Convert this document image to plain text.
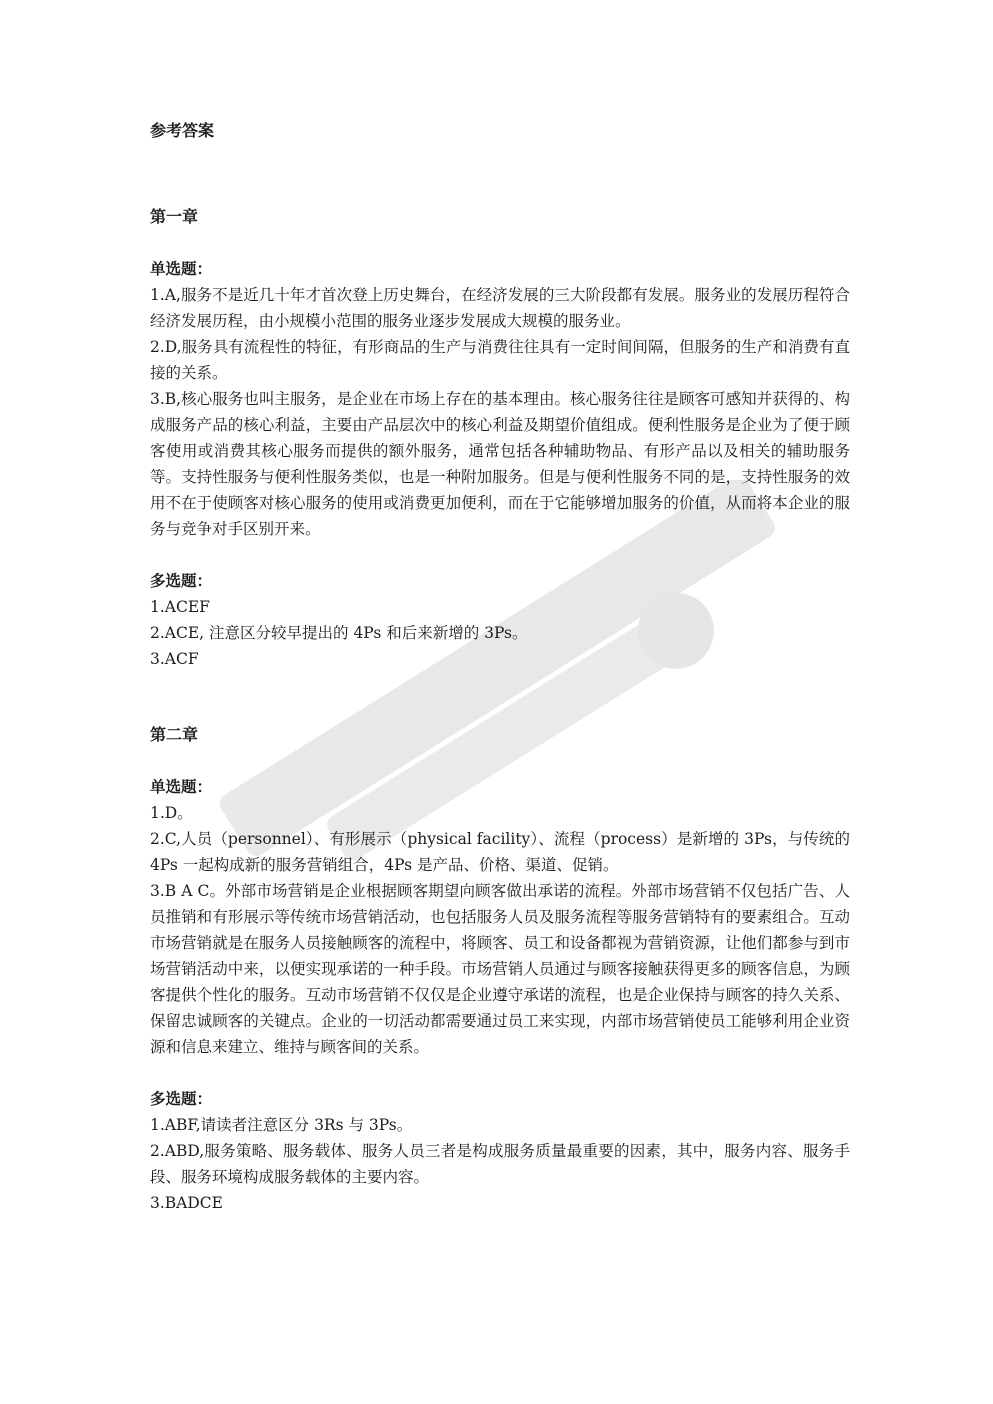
参考答案

第一章

单选题：

1.A,服务不是近几十年才首次登上历史舞台，在经济发展的三大阶段都有发展。服务业的发展历程符合经济发展历程，由小规模小范围的服务业逐步发展成大规模的服务业。

2.D,服务具有流程性的特征，有形商品的生产与消费往往具有一定时间间隔，但服务的生产和消费有直接的关系。

3.B,核心服务也叫主服务，是企业在市场上存在的基本理由。核心服务往往是顾客可感知并获得的、构成服务产品的核心利益，主要由产品层次中的核心利益及期望价值组成。便利性服务是企业为了便于顾客使用或消费其核心服务而提供的额外服务，通常包括各种辅助物品、有形产品以及相关的辅助服务等。支持性服务与便利性服务类似，也是一种附加服务。但是与便利性服务不同的是，支持性服务的效用不在于使顾客对核心服务的使用或消费更加便利，而在于它能够增加服务的价值，从而将本企业的服务与竞争对手区别开来。

多选题：

1.ACEF

2.ACE, 注意区分较早提出的 4Ps 和后来新增的 3Ps。

3.ACF

第二章

单选题：

1.D。

2.C,人员（personnel）、有形展示（physical facility）、流程（process）是新增的 3Ps，与传统的 4Ps 一起构成新的服务营销组合，4Ps 是产品、价格、渠道、促销。

3.B A C。外部市场营销是企业根据顾客期望向顾客做出承诺的流程。外部市场营销不仅包括广告、人员推销和有形展示等传统市场营销活动，也包括服务人员及服务流程等服务营销特有的要素组合。互动市场营销就是在服务人员接触顾客的流程中，将顾客、员工和设备都视为营销资源，让他们都参与到市场营销活动中来，以便实现承诺的一种手段。市场营销人员通过与顾客接触获得更多的顾客信息，为顾客提供个性化的服务。互动市场营销不仅仅是企业遵守承诺的流程，也是企业保持与顾客的持久关系、保留忠诚顾客的关键点。企业的一切活动都需要通过员工来实现，内部市场营销使员工能够利用企业资源和信息来建立、维持与顾客间的关系。

多选题：

1.ABF,请读者注意区分 3Rs 与 3Ps。

2.ABD,服务策略、服务载体、服务人员三者是构成服务质量最重要的因素，其中，服务内容、服务手段、服务环境构成服务载体的主要内容。

3.BADCE
